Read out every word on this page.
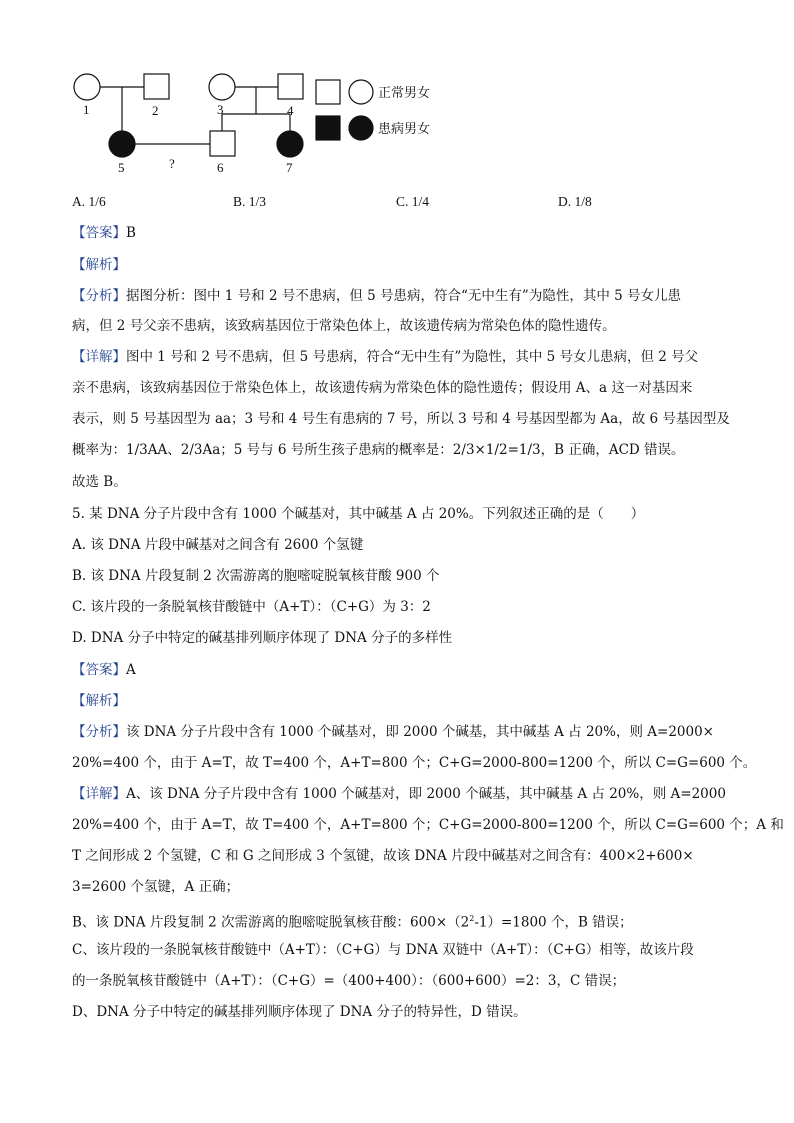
1	2	3	4
5	6	7
?
正常男女
患病男女
A. 1/6	B. 1/3	C. 1/4	D. 1/8
【答案】B
【解析】
【分析】据图分析：图中 1 号和 2 号不患病，但 5 号患病，符合“无中生有”为隐性，其中 5 号女儿患
病，但 2 号父亲不患病，该致病基因位于常染色体上，故该遗传病为常染色体的隐性遗传。
【详解】图中 1 号和 2 号不患病，但 5 号患病，符合“无中生有”为隐性，其中 5 号女儿患病，但 2 号父
亲不患病，该致病基因位于常染色体上，故该遗传病为常染色体的隐性遗传；假设用 A、a 这一对基因来
表示，则 5 号基因型为 aa；3 号和 4 号生有患病的 7 号，所以 3 号和 4 号基因型都为 Aa，故 6 号基因型及
概率为：1/3AA、2/3Aa；5 号与 6 号所生孩子患病的概率是：2/3×1/2=1/3，B 正确，ACD 错误。
故选 B。
5. 某 DNA 分子片段中含有 1000 个碱基对，其中碱基 A 占 20%。下列叙述正确的是（　　）
A. 该 DNA 片段中碱基对之间含有 2600 个氢键
B. 该 DNA 片段复制 2 次需游离的胞嘧啶脱氧核苷酸 900 个
C. 该片段的一条脱氧核苷酸链中（A+T）：（C+G）为 3：2
D. DNA 分子中特定的碱基排列顺序体现了 DNA 分子的多样性
【答案】A
【解析】
【分析】该 DNA 分子片段中含有 1000 个碱基对，即 2000 个碱基，其中碱基 A 占 20%，则 A=2000×
20%=400 个，由于 A=T，故 T=400 个，A+T=800 个；C+G=2000-800=1200 个，所以 C=G=600 个。
【详解】A、该 DNA 分子片段中含有 1000 个碱基对，即 2000 个碱基，其中碱基 A 占 20%，则 A=2000
20%=400 个，由于 A=T，故 T=400 个，A+T=800 个；C+G=2000-800=1200 个，所以 C=G=600 个；A 和
T 之间形成 2 个氢键，C 和 G 之间形成 3 个氢键，故该 DNA 片段中碱基对之间含有：400×2+600×
3=2600 个氢键，A 正确；
B、该 DNA 片段复制 2 次需游离的胞嘧啶脱氧核苷酸：$600\times(2^2-1)=1800$ 个，B 错误；
C、该片段的一条脱氧核苷酸链中（A+T）：（C+G）与 DNA 双链中（A+T）：（C+G）相等，故该片段
的一条脱氧核苷酸链中（A+T）：（C+G）=（400+400）：（600+600）=2：3，C 错误；
D、DNA 分子中特定的碱基排列顺序体现了 DNA 分子的特异性，D 错误。
